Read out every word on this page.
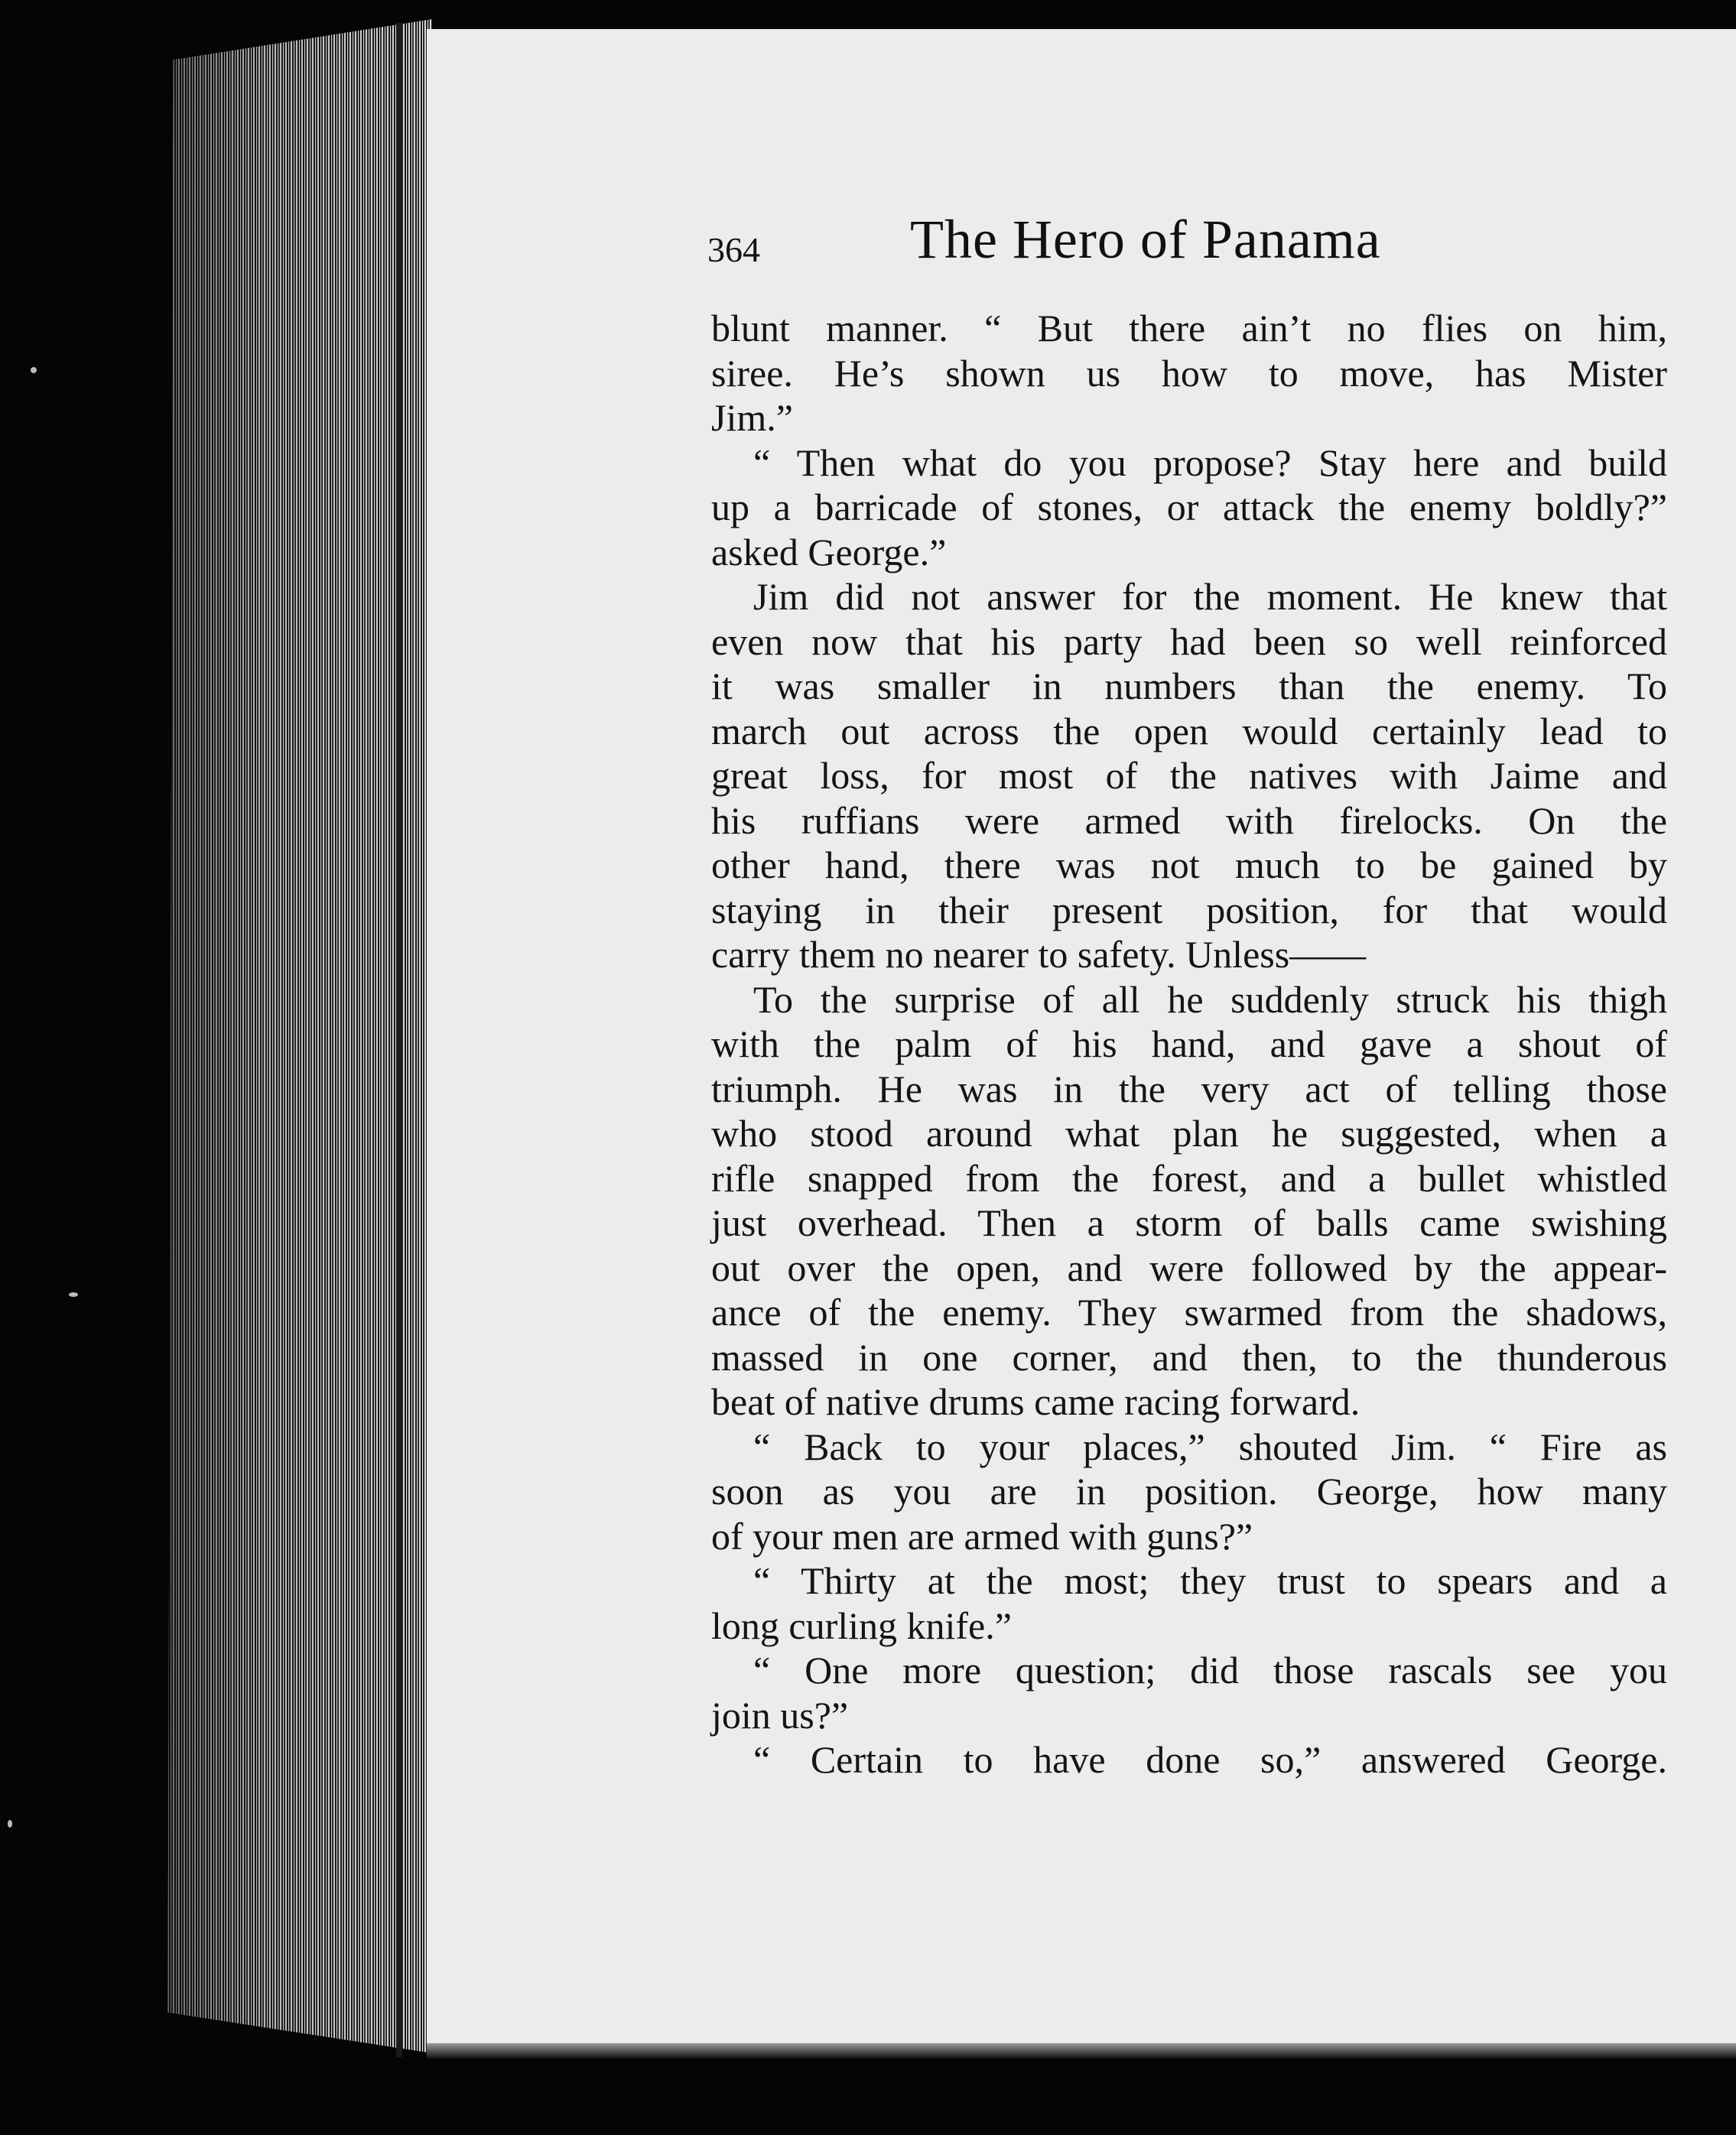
364	The Hero of Panama
blunt manner. “ But there ain’t no flies on him,
siree. He’s shown us how to move, has Mister
Jim.”
“ Then what do you propose? Stay here and build
up a barricade of stones, or attack the enemy boldly?”
asked George.”
Jim did not answer for the moment. He knew that
even now that his party had been so well reinforced
it was smaller in numbers than the enemy. To
march out across the open would certainly lead to
great loss, for most of the natives with Jaime and
his ruffians were armed with firelocks. On the
other hand, there was not much to be gained by
staying in their present position, for that would
carry them no nearer to safety. Unless——
To the surprise of all he suddenly struck his thigh
with the palm of his hand, and gave a shout of
triumph. He was in the very act of telling those
who stood around what plan he suggested, when a
rifle snapped from the forest, and a bullet whistled
just overhead. Then a storm of balls came swishing
out over the open, and were followed by the appear-
ance of the enemy. They swarmed from the shadows,
massed in one corner, and then, to the thunderous
beat of native drums came racing forward.
“ Back to your places,” shouted Jim. “ Fire as
soon as you are in position. George, how many
of your men are armed with guns?”
“ Thirty at the most; they trust to spears and a
long curling knife.”
“ One more question; did those rascals see you
join us?”
“ Certain to have done so,” answered George.
